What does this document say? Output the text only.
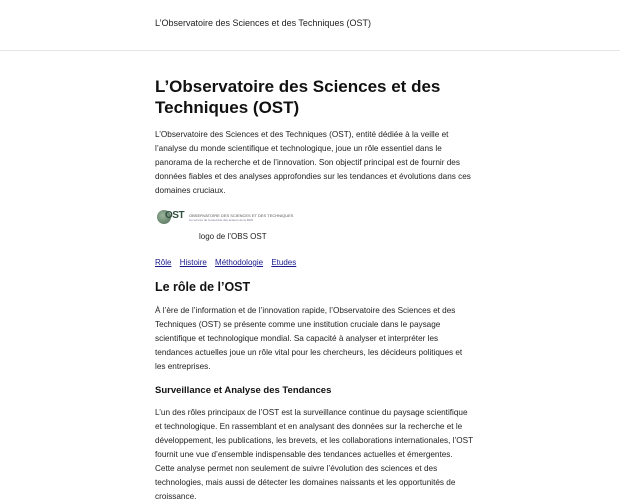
L’Observatoire des Sciences et des Techniques (OST)
L’Observatoire des Sciences et des Techniques (OST)

L’Observatoire des Sciences et des Techniques (OST), entité dédiée à la veille et l’analyse du monde scientifique et technologique, joue un rôle essentiel dans le panorama de la recherche et de l’innovation. Son objectif principal est de fournir des données fiables et des analyses approfondies sur les tendances et évolutions dans ces domaines cruciaux.

OST OBSERVATOIRE DES SCIENCES ET DES TECHNIQUES
Au service de l'ensemble des acteurs de la R&D
logo de l’OBS OST
Rôle Histoire Méthodologie Etudes
Le rôle de l’OST

À l’ère de l’information et de l’innovation rapide, l’Observatoire des Sciences et des Techniques (OST) se présente comme une institution cruciale dans le paysage scientifique et technologique mondial. Sa capacité à analyser et interpréter les tendances actuelles joue un rôle vital pour les chercheurs, les décideurs politiques et les entreprises.

Surveillance et Analyse des Tendances

L’un des rôles principaux de l’OST est la surveillance continue du paysage scientifique et technologique. En rassemblant et en analysant des données sur la recherche et le développement, les publications, les brevets, et les collaborations internationales, l’OST fournit une vue d’ensemble indispensable des tendances actuelles et émergentes. Cette analyse permet non seulement de suivre l’évolution des sciences et des technologies, mais aussi de détecter les domaines naissants et les opportunités de croissance.
